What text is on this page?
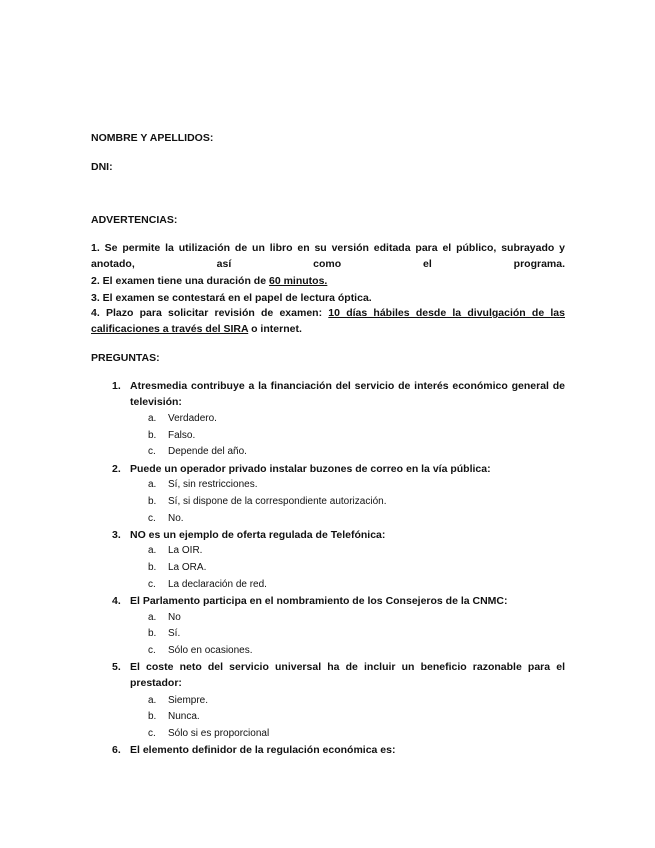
NOMBRE Y APELLIDOS:
DNI:
ADVERTENCIAS:
1. Se permite la utilización de un libro en su versión editada para el público, subrayado y anotado, así como el programa.
2. El examen tiene una duración de 60 minutos.
3. El examen se contestará en el papel de lectura óptica.
4. Plazo para solicitar revisión de examen: 10 días hábiles desde la divulgación de las calificaciones a través del SIRA o internet.
PREGUNTAS:
1. Atresmedia contribuye a la financiación del servicio de interés económico general de televisión:
a. Verdadero.
b. Falso.
c. Depende del año.
2. Puede un operador privado instalar buzones de correo en la vía pública:
a. Sí, sin restricciones.
b. Sí, si dispone de la correspondiente autorización.
c. No.
3. NO es un ejemplo de oferta regulada de Telefónica:
a. La OIR.
b. La ORA.
c. La declaración de red.
4. El Parlamento participa en el nombramiento de los Consejeros de la CNMC:
a. No
b. Sí.
c. Sólo en ocasiones.
5. El coste neto del servicio universal ha de incluir un beneficio razonable para el prestador:
a. Siempre.
b. Nunca.
c. Sólo si es proporcional
6. El elemento definidor de la regulación económica es:
